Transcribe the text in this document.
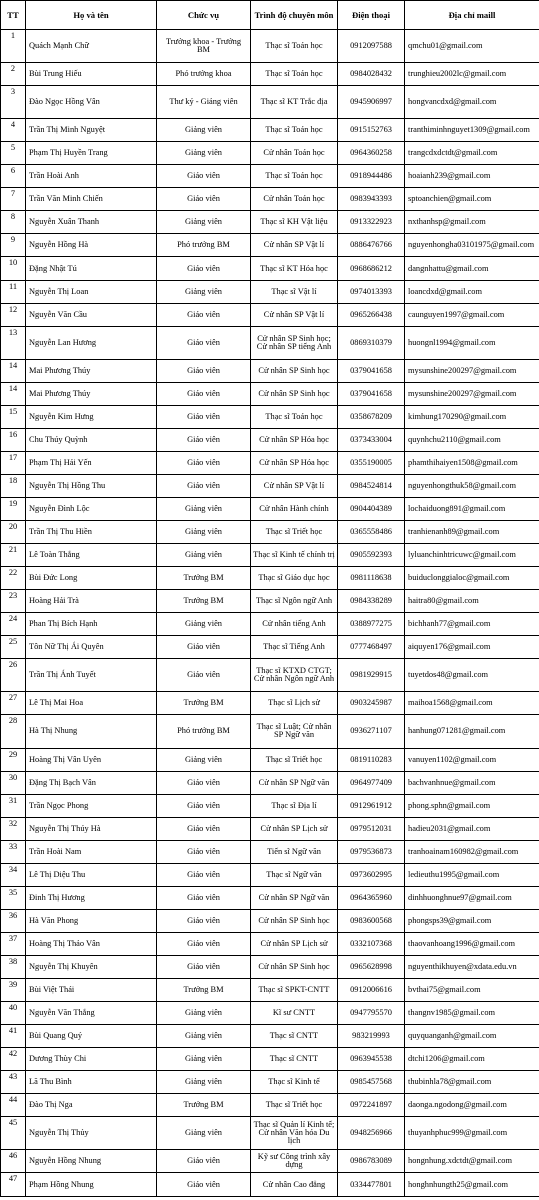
TT	Họ và tên	Chức vụ	Trình độ chuyên môn	Điện thoại	Địa chỉ maill
1	Quách Mạnh Chữ	Trưởng khoa - Trưởng BM	Thạc sĩ Toán học	0912097588	qmchu01@gmail.com
2	Bùi Trung Hiếu	Phó trưởng khoa	Thạc sĩ Toán học	0984028432	trunghieu2002lc@gmail.com
3	Đào Ngọc Hồng Vân	Thư ký - Giảng viên	Thạc sĩ KT Trắc địa	0945906997	hongvancdxd@gmail.com
4	Trần Thị Minh Nguyệt	Giảng viên	Thạc sĩ Toán học	0915152763	tranthiminhnguyet1309@gmail.com
5	Phạm Thị Huyền Trang	Giảng viên	Cử nhân Toán học	0964360258	trangcdxdctdt@gmail.com
6	Trần Hoài Anh	Giáo viên	Thạc sĩ Toán học	0918944486	hoaianh239@gmail.com
7	Trần Văn Minh Chiến	Giáo viên	Cử nhân Toán học	0983943393	sptoanchien@gmail.com
8	Nguyễn Xuân Thanh	Giảng viên	Thạc sĩ KH Vật liệu	0913322923	nxthanhsp@gmail.com
9	Nguyễn Hồng Hà	Phó trưởng BM	Cử nhân SP Vật lí	0886476766	nguyenhongha03101975@gmail.com
10	Đặng Nhật Tú	Giáo viên	Thạc sĩ KT Hóa học	0968686212	dangnhattu@gmail.com
11	Nguyễn Thị Loan	Giảng viên	Thạc sĩ Vật lí	0974013393	loancdxd@gmail.com
12	Nguyễn Văn Cầu	Giáo viên	Cử nhân SP Vật lí	0965266438	caunguyen1997@gmail.com
13	Nguyễn Lan Hương	Giáo viên	Cử nhân SP Sinh học; Cử nhân SP tiếng Anh	0869310379	huongnl1994@gmail.com
14	Mai Phương Thúy	Giáo viên	Cử nhân SP Sinh học	0379041658	mysunshine200297@gmail.com
14	Mai Phương Thúy	Giáo viên	Cử nhân SP Sinh học	0379041658	mysunshine200297@gmail.com
15	Nguyễn Kim Hưng	Giáo viên	Thạc sĩ Toán học	0358678209	kimhung170290@gmail.com
16	Chu Thúy Quỳnh	Giáo viên	Cử nhân SP Hóa học	0373433004	quynhchu2110@gmail.com
17	Phạm Thị Hải Yến	Giáo viên	Cử nhân SP Hóa học	0355190005	phamthihaiyen1508@gmail.com
18	Nguyễn Thị Hồng Thu	Giáo viên	Cử nhân SP Vật lí	0984524814	nguyenhongthuk58@gmail.com
19	Nguyễn Đình Lộc	Giảng viên	Cử nhân Hành chính	0904404389	lochaiduong891@gmail.com
20	Trần Thị Thu Hiền	Giảng viên	Thạc sĩ Triết học	0365558486	tranhienanh89@gmail.com
21	Lê Toàn Thắng	Giảng viên	Thạc sĩ Kinh tế chính trị	0905592393	lyluanchinhtricuwc@gmail.com
22	Bùi Đức Long	Trưởng BM	Thạc sĩ Giáo dục học	0981118638	buiduclonggialoc@gmail.com
23	Hoàng Hải Trà	Trưởng BM	Thạc sĩ Ngôn ngữ Anh	0984338289	haitra80@gmail.com
24	Phan Thị Bích Hạnh	Giảng viên	Cử nhân tiếng Anh	0388977275	bichhanh77@gmail.com
25	Tôn Nữ Thị Ái Quyên	Giáo viên	Thạc sĩ Tiếng Anh	0777468497	aiquyen176@gmail.com
26	Trần Thị Ánh Tuyết	Giáo viên	Thạc sĩ KTXD CTGT; Cử nhân Ngôn ngữ Anh	0981929915	tuyetdos48@gmail.com
27	Lê Thị Mai Hoa	Trưởng BM	Thạc sĩ Lịch sử	0903245987	maihoa1568@gmail.com
28	Hà Thị Nhung	Phó trưởng BM	Thạc sĩ Luật; Cử nhân SP Ngữ văn	0936271107	hanhung071281@gmail.com
29	Hoàng Thị Vân Uyên	Giảng viên	Thạc sĩ Triết học	0819110283	vanuyen1102@gmail.com
30	Đặng Thị Bạch Vân	Giáo viên	Cử nhân SP Ngữ văn	0964977409	bachvanhnue@gmail.com
31	Trần Ngọc Phong	Giáo viên	Thạc sĩ Địa lí	0912961912	phong.sphn@gmail.com
32	Nguyễn Thị Thúy Hà	Giáo viên	Cử nhân SP Lịch sử	0979512031	hadieu2031@gmail.com
33	Trần Hoài Nam	Giáo viên	Tiến sĩ Ngữ văn	0979536873	tranhoainam160982@gmail.com
34	Lê Thị Diệu Thu	Giáo viên	Thạc sĩ Ngữ văn	0973602995	ledieuthu1995@gmail.com
35	Đinh Thị Hương	Giáo viên	Cử nhân SP Ngữ văn	0964365960	dinhhuonghnue97@gmail.com
36	Hà Văn Phong	Giáo viên	Cử nhân SP Sinh học	0983600568	phongsps39@gmail.com
37	Hoàng Thị Thảo Vân	Giáo viên	Cử nhân SP Lịch sử	0332107368	thaovanhoang1996@gmail.com
38	Nguyễn Thị Khuyên	Giáo viên	Cử nhân SP Sinh học	0965628998	nguyenthikhuyen@xdata.edu.vn
39	Bùi Việt Thái	Trưởng BM	Thạc sĩ SPKT-CNTT	0912006616	bvthai75@gmail.com
40	Nguyễn Văn Thắng	Giảng viên	Kĩ sư CNTT	0947795570	thangnv1985@gmail.com
41	Bùi Quang Quý	Giảng viên	Thạc sĩ CNTT	983219993	quyquanganh@gmail.com
42	Dương Thùy Chi	Giảng viên	Thạc sĩ CNTT	0963945538	dtchi1206@gmail.com
43	Lã Thu Bình	Giảng viên	Thạc sĩ Kinh tế	0985457568	thubinhla78@gmail.com
44	Đào Thị Nga	Trưởng BM	Thạc sĩ Triết học	0972241897	daonga.ngodong@gmail.com
45	Nguyễn Thị Thủy	Giảng viên	Thạc sĩ Quản lí Kinh tế; Cử nhân Văn hóa Du lịch	0948256966	thuyanhphuc999@gmail.com
46	Nguyễn Hồng Nhung	Giáo viên	Kỹ sư Công trình xây dựng	0986783089	hongnhung.xdctdt@gmail.com
47	Phạm Hồng Nhung	Giáo viên	Cử nhân Cao đẳng	0334477801	honghnhungth25@gmail.com
